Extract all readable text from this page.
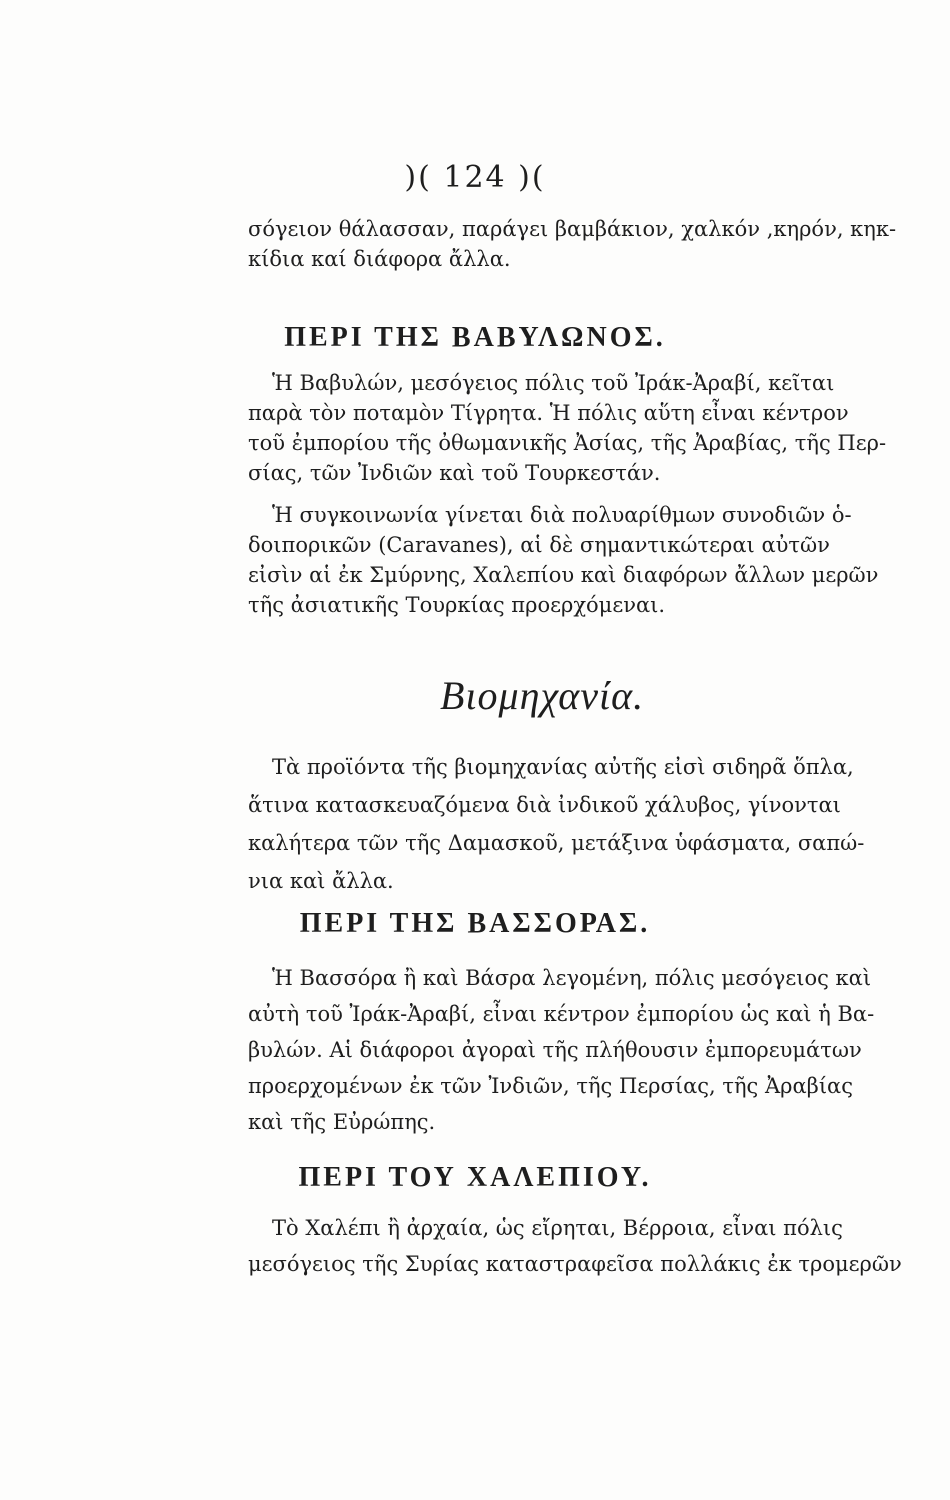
)( 124 )(
σόγειον θάλασσαν, παράγει βαμβάκιον, χαλκόν ,κηρόν, κηκ-
κίδια καί διάφορα ἄλλα.
ΠΕΡΙ ΤΗΣ ΒΑΒΥΛΩΝΟΣ.
Ἡ Βαβυλών, μεσόγειος πόλις τοῦ Ἰράκ-Ἀραβί, κεῖται
παρὰ τὸν ποταμὸν Τίγρητα. Ἡ πόλις αὕτη εἶναι κέντρον
τοῦ ἐμπορίου τῆς ὀθωμανικῆς Ἀσίας, τῆς Ἀραβίας, τῆς Περ-
σίας, τῶν Ἰνδιῶν καὶ τοῦ Τουρκεστάν.
Ἡ συγκοινωνία γίνεται διὰ πολυαρίθμων συνοδιῶν ὁ-
δοιπορικῶν (Caravanes), αἱ δὲ σημαντικώτεραι αὐτῶν
εἰσὶν αἱ ἐκ Σμύρνης, Χαλεπίου καὶ διαφόρων ἄλλων μερῶν
τῆς ἀσιατικῆς Τουρκίας προερχόμεναι.
Βιομηχανία.
Τὰ προϊόντα τῆς βιομηχανίας αὐτῆς εἰσὶ σιδηρᾶ ὅπλα,
ἅτινα κατασκευαζόμενα διὰ ἰνδικοῦ χάλυβος, γίνονται
καλήτερα τῶν τῆς Δαμασκοῦ, μετάξινα ὑφάσματα, σαπώ-
νια καὶ ἄλλα.
ΠΕΡΙ ΤΗΣ ΒΑΣΣΟΡΑΣ.
Ἡ Βασσόρα ἢ καὶ Βάσρα λεγομένη, πόλις μεσόγειος καὶ
αὐτὴ τοῦ Ἰράκ-Ἀραβί, εἶναι κέντρον ἐμπορίου ὡς καὶ ἡ Βα-
βυλών. Αἱ διάφοροι ἀγοραὶ τῆς πλήθουσιν ἐμπορευμάτων
προερχομένων ἐκ τῶν Ἰνδιῶν, τῆς Περσίας, τῆς Ἀραβίας
καὶ τῆς Εὐρώπης.
ΠΕΡΙ ΤΟΥ ΧΑΛΕΠΙΟΥ.
Τὸ Χαλέπι ἢ ἀρχαία, ὡς εἴρηται, Βέρροια, εἶναι πόλις
μεσόγειος τῆς Συρίας καταστραφεῖσα πολλάκις ἐκ τρομερῶν
